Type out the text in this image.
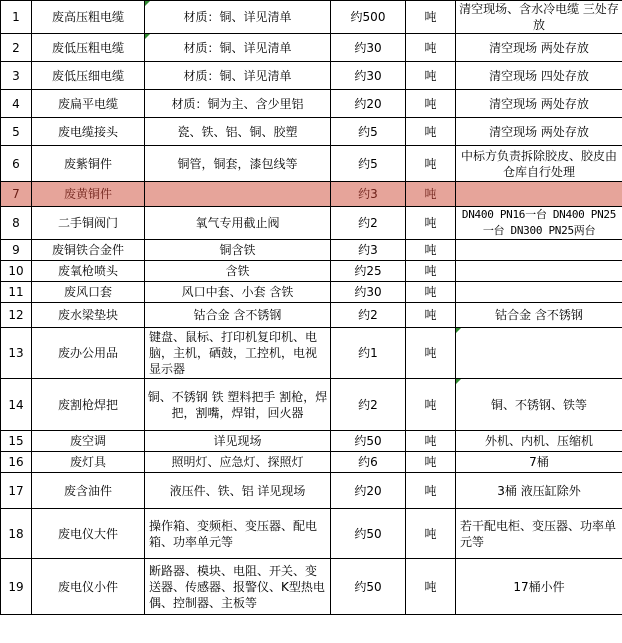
1	废高压粗电缆	材质：铜、详见清单	约500	吨	清空现场、含水冷电缆 三处存放
2	废低压粗电缆	材质：铜、详见清单	约30	吨	清空现场 两处存放
3	废低压细电缆	材质：铜、详见清单	约30	吨	清空现场 四处存放
4	废扁平电缆	材质：铜为主、含少里铝	约20	吨	清空现场 两处存放
5	废电缆接头	瓷、铁、铝、铜、胶塑	约5	吨	清空现场 两处存放
6	废紫铜件	铜管，铜套，漆包线等	约5	吨	中标方负责拆除胶皮、胶皮由仓库自行处理
7	废黄铜件		约3	吨	
8	二手铜阀门	氧气专用截止阀	约2	吨	DN400 PN16一台 DN400 PN25一台 DN300 PN25两台
9	废铜铁合金件	铜含铁	约3	吨	
10	废氧枪喷头	含铁	约25	吨	
11	废风口套	风口中套、小套 含铁	约30	吨	
12	废水梁垫块	钴合金 含不锈钢	约2	吨	钴合金 含不锈钢
13	废办公用品	键盘、鼠标、打印机复印机、电脑，主机，硒鼓，工控机，电视显示器	约1	吨	
14	废割枪焊把	铜、不锈钢 铁 塑料把手 割枪，焊把，割嘴，焊钳，回火器	约2	吨	铜、不锈钢、铁等
15	废空调	详见现场	约50	吨	外机、内机、压缩机
16	废灯具	照明灯、应急灯、探照灯	约6	吨	7桶
17	废含油件	液压件、铁、铝 详见现场	约20	吨	3桶 液压缸除外
18	废电仪大件	操作箱、变频柜、变压器、配电箱、功率单元等	约50	吨	若干配电柜、变压器、功率单元等
19	废电仪小件	断路器、模块、电阻、开关、变送器、传感器、报警仪、K型热电偶、控制器、主板等	约50	吨	17桶小件
